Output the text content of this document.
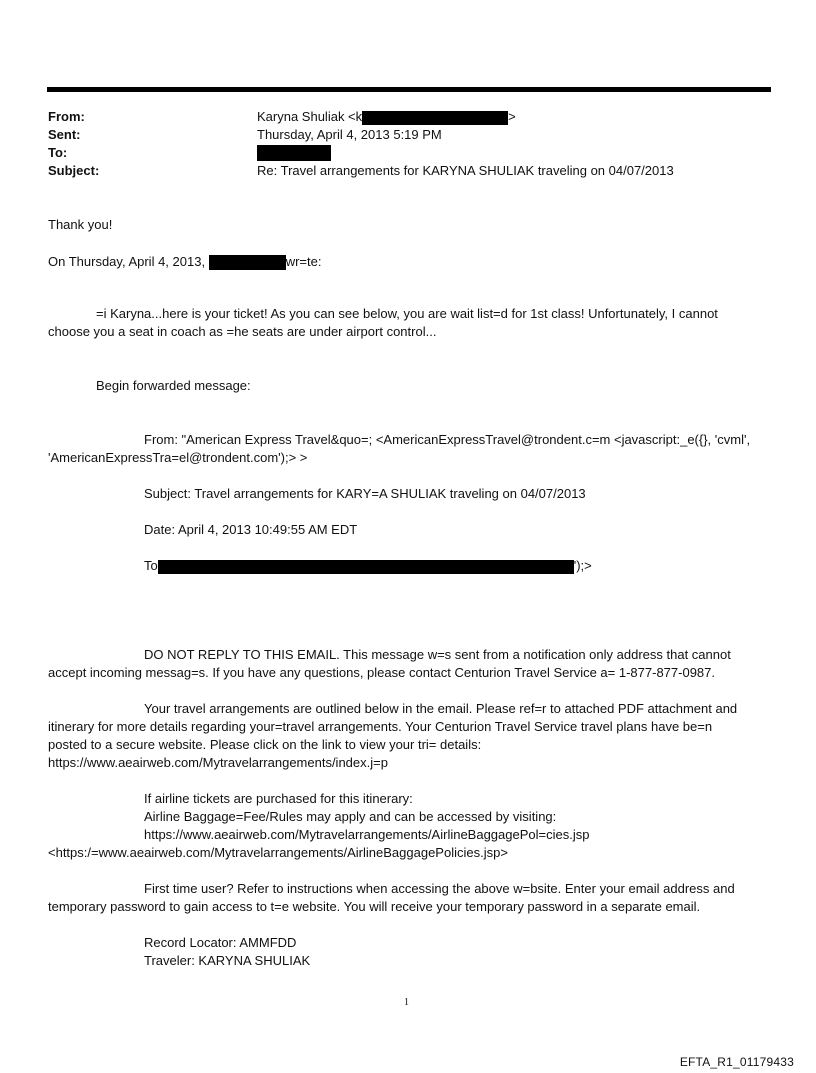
From:	Karyna Shuliak <k	>
Sent:	Thursday, April 4, 2013 5:19 PM
To:
Subject:	Re: Travel arrangements for KARYNA SHULIAK traveling on 04/07/2013
Thank you!
On Thursday, April 4, 2013,	wr=te:
=i Karyna...here is your ticket! As you can see below, you are wait list=d for 1st class! Unfortunately, I cannot
choose you a seat in coach as =he seats are under airport control...
Begin forwarded message:
From: "American Express Travel&quo=; <AmericanExpressTravel@trondent.c=m <javascript:_e({}, 'cvml',
'AmericanExpressTra=el@trondent.com');> >
Subject: Travel arrangements for KARY=A SHULIAK traveling on 04/07/2013
Date: April 4, 2013 10:49:55 AM EDT
To	');>
DO NOT REPLY TO THIS EMAIL. This message w=s sent from a notification only address that cannot
accept incoming messag=s. If you have any questions, please contact Centurion Travel Service a= 1-877-877-0987.
Your travel arrangements are outlined below in the email. Please ref=r to attached PDF attachment and
itinerary for more details regarding your=travel arrangements. Your Centurion Travel Service travel plans have be=n
posted to a secure website. Please click on the link to view your tri= details:
https://www.aeairweb.com/Mytravelarrangements/index.j=p
If airline tickets are purchased for this itinerary:
Airline Baggage=Fee/Rules may apply and can be accessed by visiting:
https://www.aeairweb.com/Mytravelarrangements/AirlineBaggagePol=cies.jsp
<https:/=www.aeairweb.com/Mytravelarrangements/AirlineBaggagePolicies.jsp>
First time user? Refer to instructions when accessing the above w=bsite. Enter your email address and
temporary password to gain access to t=e website. You will receive your temporary password in a separate email.
Record Locator: AMMFDD
Traveler: KARYNA SHULIAK
1
EFTA_R1_01179433
